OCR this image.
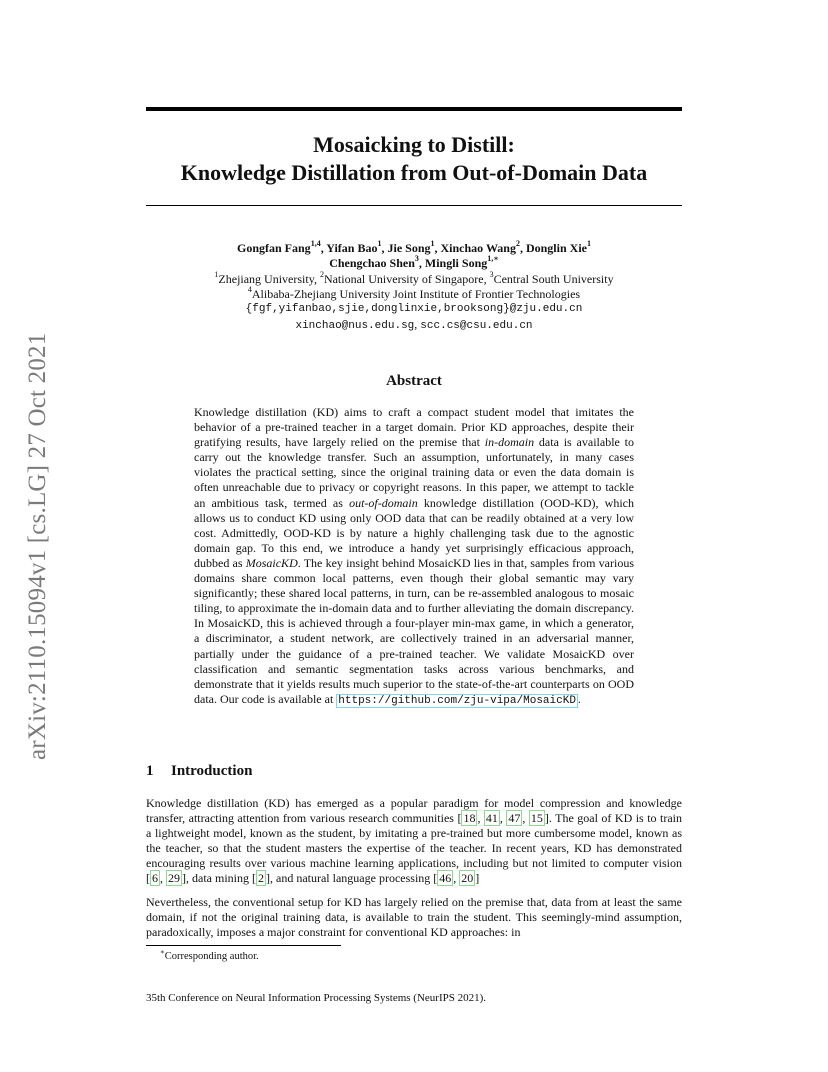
arXiv:2110.15094v1 [cs.LG] 27 Oct 2021
Mosaicking to Distill:
Knowledge Distillation from Out-of-Domain Data
Gongfan Fang$^{1,4}$, Yifan Bao$^1$, Jie Song$^1$, Xinchao Wang$^2$, Donglin Xie$^1$
Chengchao Shen$^3$, Mingli Song$^{1,∗}$
$^1$Zhejiang University, $^2$National University of Singapore, $^3$Central South University
$^4$Alibaba-Zhejiang University Joint Institute of Frontier Technologies
{fgf,yifanbao,sjie,donglinxie,brooksong}@zju.edu.cn
xinchao@nus.edu.sg, scc.cs@csu.edu.cn
Abstract
Knowledge distillation (KD) aims to craft a compact student model that imitates the behavior of a pre-trained teacher in a target domain. Prior KD approaches, despite their gratifying results, have largely relied on the premise that in-domain data is available to carry out the knowledge transfer. Such an assumption, unfortunately, in many cases violates the practical setting, since the original training data or even the data domain is often unreachable due to privacy or copyright reasons. In this paper, we attempt to tackle an ambitious task, termed as out-of-domain knowledge distillation (OOD-KD), which allows us to conduct KD using only OOD data that can be readily obtained at a very low cost. Admittedly, OOD-KD is by nature a highly challenging task due to the agnostic domain gap. To this end, we introduce a handy yet surprisingly efficacious approach, dubbed as MosaicKD. The key insight behind MosaicKD lies in that, samples from various domains share common local patterns, even though their global semantic may vary significantly; these shared local patterns, in turn, can be re-assembled analogous to mosaic tiling, to approximate the in-domain data and to further alleviating the domain discrepancy. In MosaicKD, this is achieved through a four-player min-max game, in which a generator, a discriminator, a student network, are collectively trained in an adversarial manner, partially under the guidance of a pre-trained teacher. We validate MosaicKD over classification and semantic segmentation tasks across various benchmarks, and demonstrate that it yields results much superior to the state-of-the-art counterparts on OOD data. Our code is available at https://github.com/zju-vipa/MosaicKD .
1 Introduction

Knowledge distillation (KD) has emerged as a popular paradigm for model compression and knowledge transfer, attracting attention from various research communities [ 18 , 41 , 47 , 15 ]. The goal of KD is to train a lightweight model, known as the student, by imitating a pre-trained but more cumbersome model, known as the teacher, so that the student masters the expertise of the teacher. In recent years, KD has demonstrated encouraging results over various machine learning applications, including but not limited to computer vision [ 6 , 29 ], data mining [ 2 ], and natural language processing [ 46 , 20 ]

Nevertheless, the conventional setup for KD has largely relied on the premise that, data from at least the same domain, if not the original training data, is available to train the student. This seemingly-mind assumption, paradoxically, imposes a major constraint for conventional KD approaches: in

∗Corresponding author.
35th Conference on Neural Information Processing Systems (NeurIPS 2021).
